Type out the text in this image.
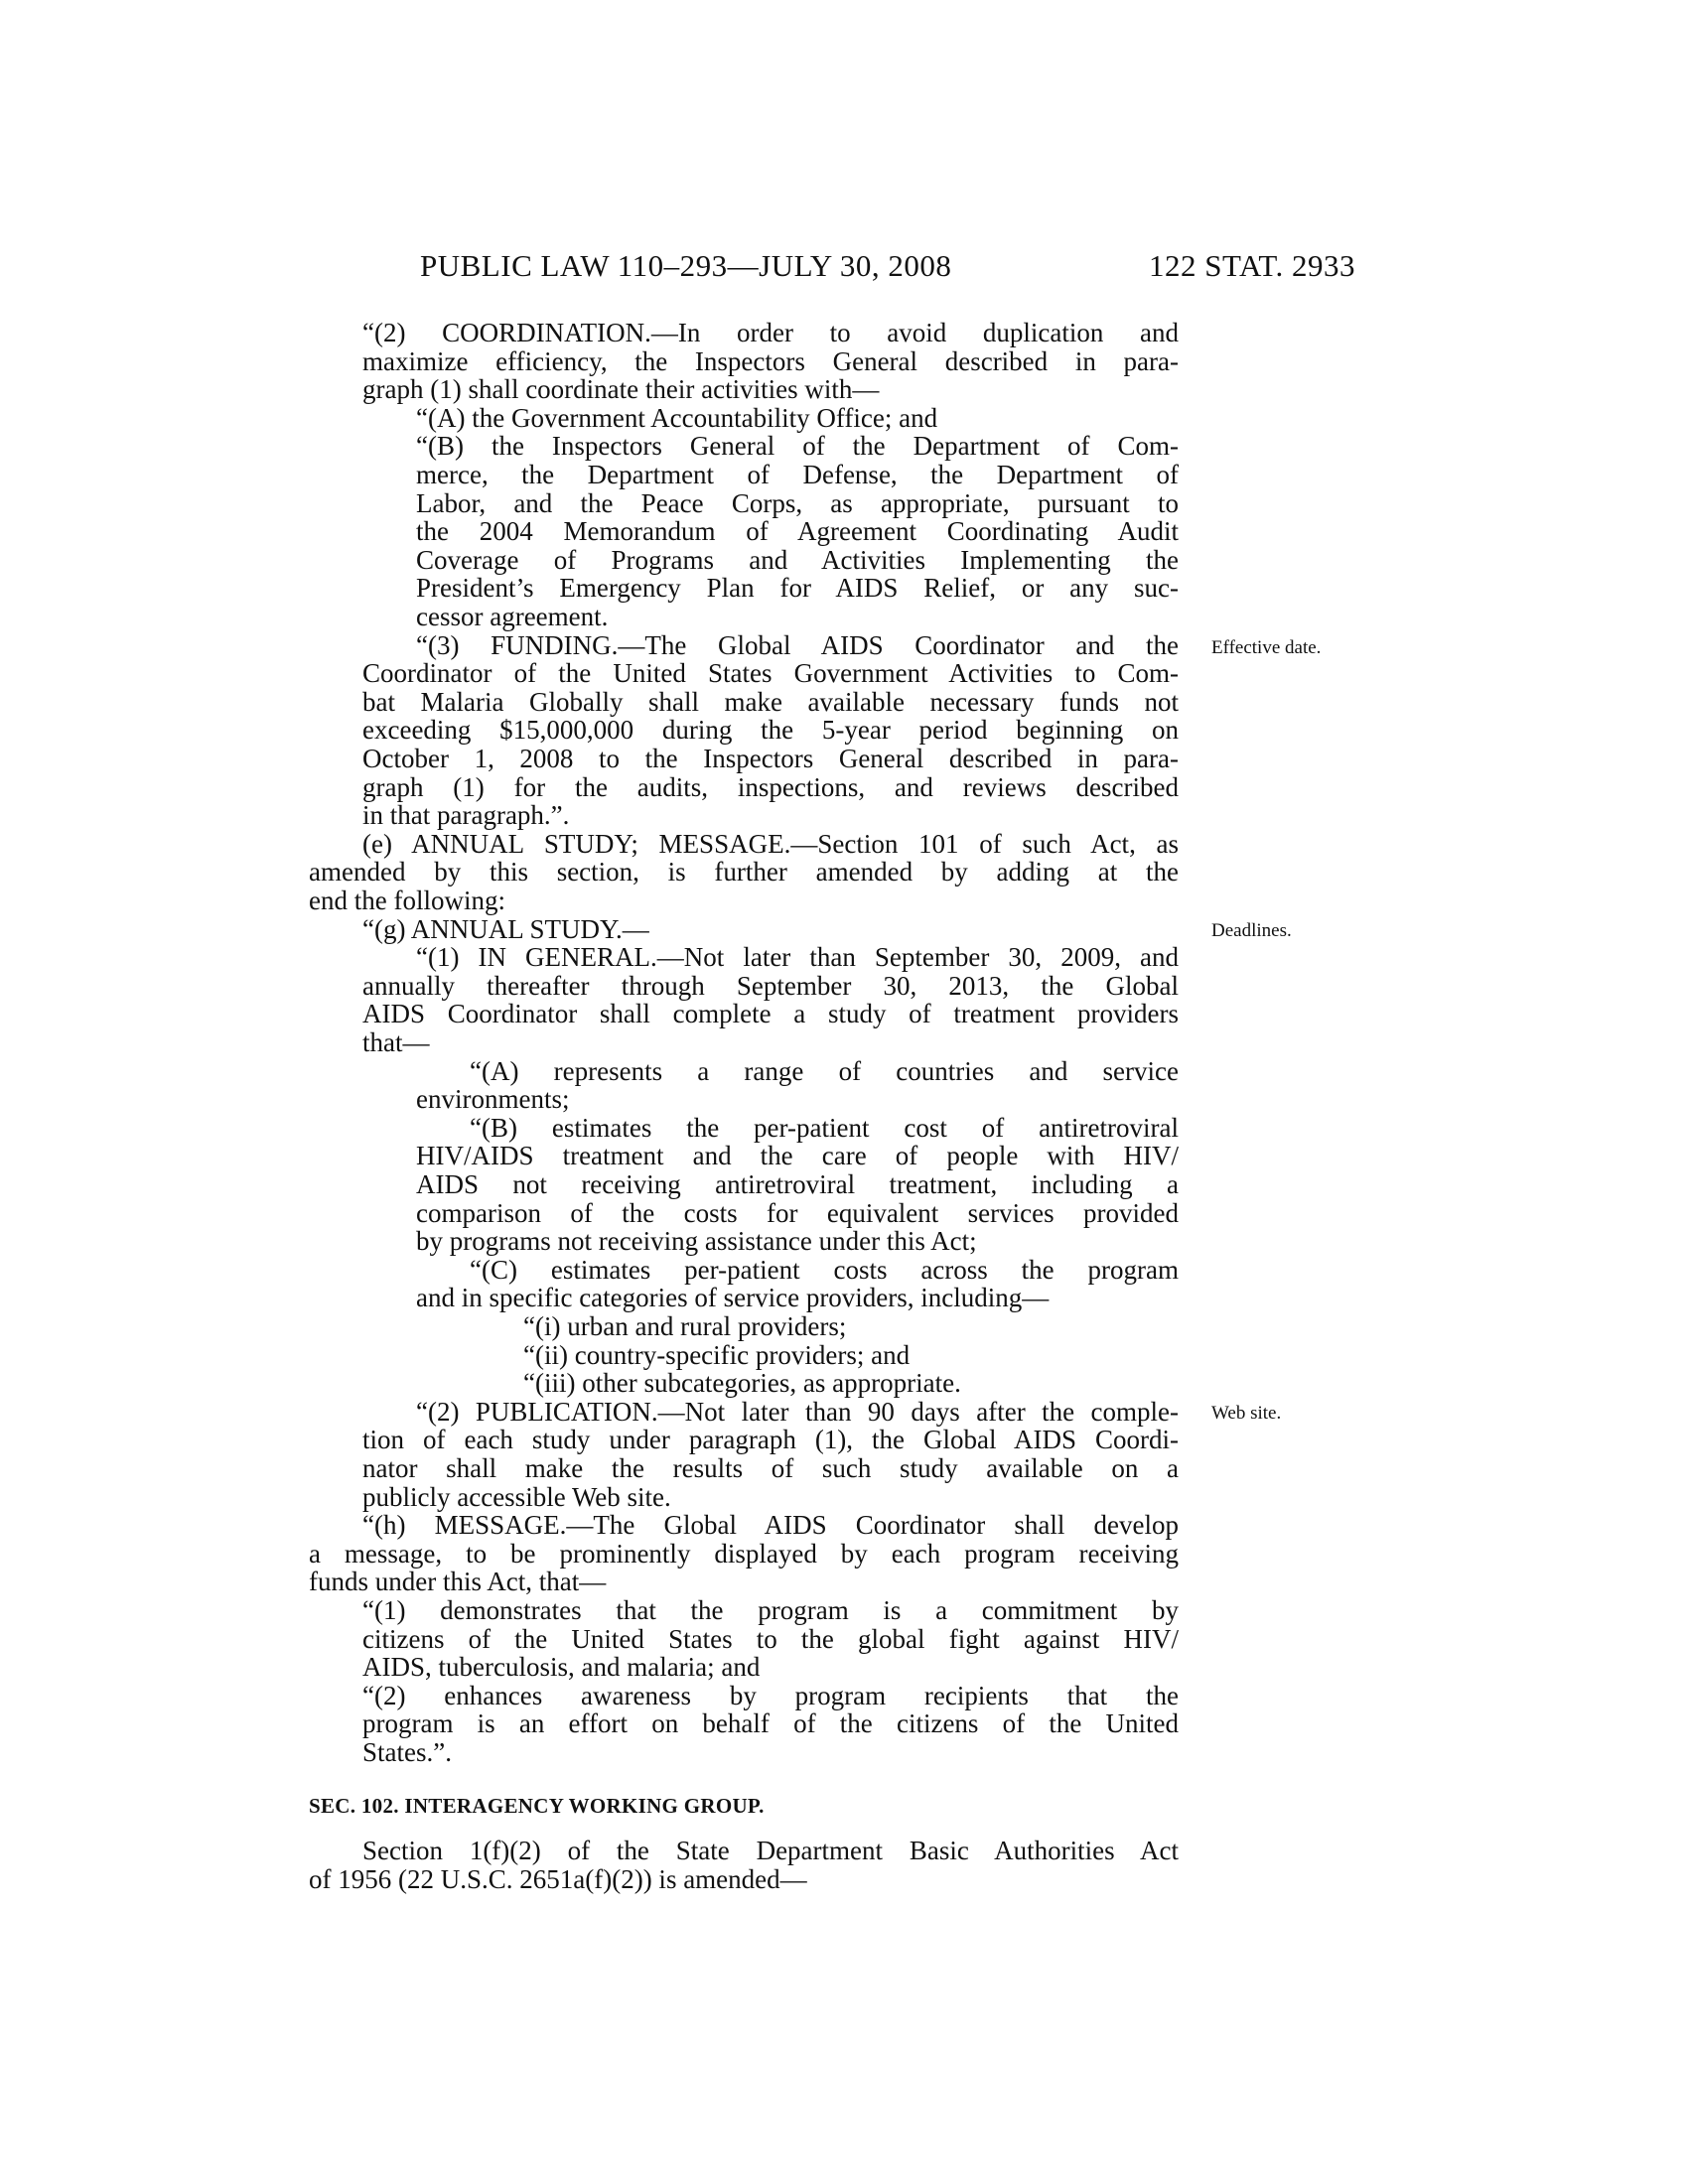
PUBLIC LAW 110–293—JULY 30, 2008	122 STAT. 2933
“(2) COORDINATION.—In order to avoid duplication and
maximize efficiency, the Inspectors General described in para-
graph (1) shall coordinate their activities with—
“(A) the Government Accountability Office; and
“(B) the Inspectors General of the Department of Com-
merce, the Department of Defense, the Department of
Labor, and the Peace Corps, as appropriate, pursuant to
the 2004 Memorandum of Agreement Coordinating Audit
Coverage of Programs and Activities Implementing the
President’s Emergency Plan for AIDS Relief, or any suc-
cessor agreement.
“(3) FUNDING.—The Global AIDS Coordinator and the
Coordinator of the United States Government Activities to Com-
bat Malaria Globally shall make available necessary funds not
exceeding $15,000,000 during the 5-year period beginning on
October 1, 2008 to the Inspectors General described in para-
graph (1) for the audits, inspections, and reviews described
in that paragraph.”.
(e) ANNUAL STUDY; MESSAGE.—Section 101 of such Act, as
amended by this section, is further amended by adding at the
end the following:
“(g) ANNUAL STUDY.—
“(1) IN GENERAL.—Not later than September 30, 2009, and
annually thereafter through September 30, 2013, the Global
AIDS Coordinator shall complete a study of treatment providers
that—
“(A) represents a range of countries and service
environments;
“(B) estimates the per-patient cost of antiretroviral
HIV/AIDS treatment and the care of people with HIV/
AIDS not receiving antiretroviral treatment, including a
comparison of the costs for equivalent services provided
by programs not receiving assistance under this Act;
“(C) estimates per-patient costs across the program
and in specific categories of service providers, including—
“(i) urban and rural providers;
“(ii) country-specific providers; and
“(iii) other subcategories, as appropriate.
“(2) PUBLICATION.—Not later than 90 days after the comple-
tion of each study under paragraph (1), the Global AIDS Coordi-
nator shall make the results of such study available on a
publicly accessible Web site.
“(h) MESSAGE.—The Global AIDS Coordinator shall develop
a message, to be prominently displayed by each program receiving
funds under this Act, that—
“(1) demonstrates that the program is a commitment by
citizens of the United States to the global fight against HIV/
AIDS, tuberculosis, and malaria; and
“(2) enhances awareness by program recipients that the
program is an effort on behalf of the citizens of the United
States.”.
SEC. 102. INTERAGENCY WORKING GROUP.
Section 1(f)(2) of the State Department Basic Authorities Act
of 1956 (22 U.S.C. 2651a(f)(2)) is amended—
Effective date.
Deadlines.
Web site.
